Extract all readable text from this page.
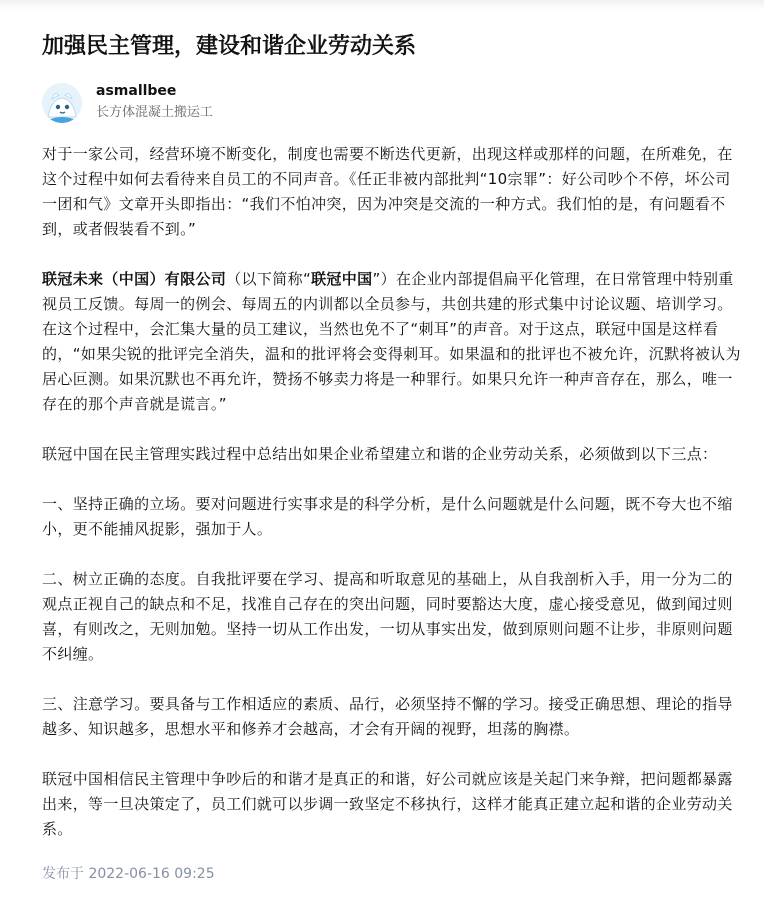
加强民主管理，建设和谐企业劳动关系
asmallbee
长方体混凝土搬运工

对于一家公司，经营环境不断变化，制度也需要不断迭代更新，出现这样或那样的问题，在所难免，在这个过程中如何去看待来自员工的不同声音。《任正非被内部批判“10宗罪”：好公司吵个不停，坏公司一团和气》文章开头即指出：“我们不怕冲突，因为冲突是交流的一种方式。我们怕的是，有问题看不到，或者假装看不到。”

联冠未来（中国）有限公司（以下简称“联冠中国”）在企业内部提倡扁平化管理，在日常管理中特别重视员工反馈。每周一的例会、每周五的内训都以全员参与，共创共建的形式集中讨论议题、培训学习。在这个过程中，会汇集大量的员工建议，当然也免不了“刺耳”的声音。对于这点，联冠中国是这样看的，“如果尖锐的批评完全消失，温和的批评将会变得刺耳。如果温和的批评也不被允许，沉默将被认为居心叵测。如果沉默也不再允许，赞扬不够卖力将是一种罪行。如果只允许一种声音存在，那么，唯一存在的那个声音就是谎言。”

联冠中国在民主管理实践过程中总结出如果企业希望建立和谐的企业劳动关系，必须做到以下三点：

一、坚持正确的立场。要对问题进行实事求是的科学分析，是什么问题就是什么问题，既不夸大也不缩小，更不能捕风捉影，强加于人。

二、树立正确的态度。自我批评要在学习、提高和听取意见的基础上，从自我剖析入手，用一分为二的观点正视自己的缺点和不足，找准自己存在的突出问题，同时要豁达大度，虚心接受意见，做到闻过则喜，有则改之，无则加勉。坚持一切从工作出发，一切从事实出发，做到原则问题不让步，非原则问题不纠缠。

三、注意学习。要具备与工作相适应的素质、品行，必须坚持不懈的学习。接受正确思想、理论的指导越多、知识越多，思想水平和修养才会越高，才会有开阔的视野，坦荡的胸襟。

联冠中国相信民主管理中争吵后的和谐才是真正的和谐，好公司就应该是关起门来争辩，把问题都暴露出来，等一旦决策定了，员工们就可以步调一致坚定不移执行，这样才能真正建立起和谐的企业劳动关系。

发布于 2022-06-16 09:25
